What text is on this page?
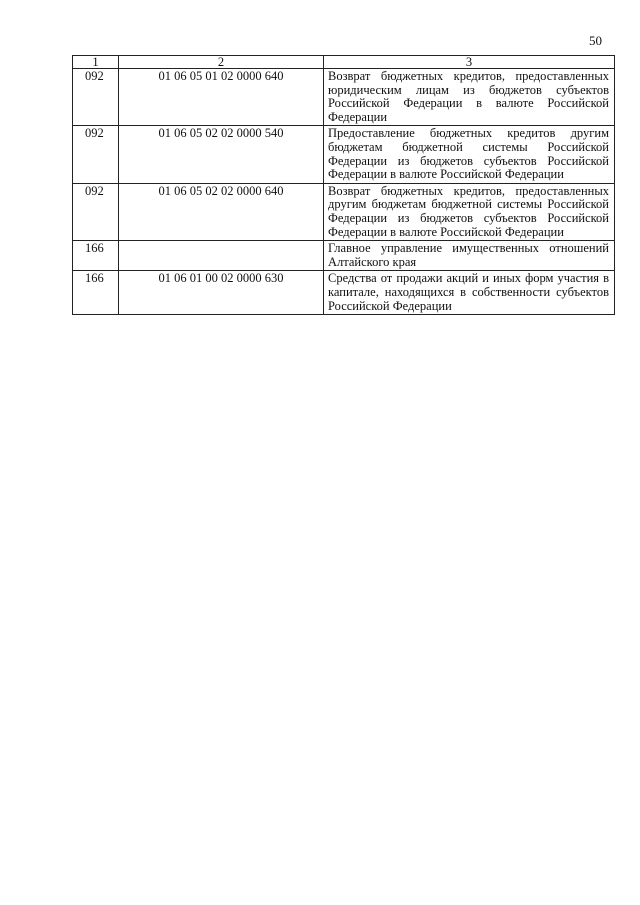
50
1	2	3
092	01 06 05 01 02 0000 640	Возврат бюджетных кредитов, предоставленных юридическим лицам из бюджетов субъектов Российской Федерации в валюте Российской Федерации
092	01 06 05 02 02 0000 540	Предоставление бюджетных кредитов другим бюджетам бюджетной системы Российской Федерации из бюджетов субъектов Российской Федерации в валюте Российской Федерации
092	01 06 05 02 02 0000 640	Возврат бюджетных кредитов, предоставленных другим бюджетам бюджетной системы Российской Федерации из бюджетов субъектов Российской Федерации в валюте Российской Федерации
166		Главное управление имущественных отношений Алтайского края
166	01 06 01 00 02 0000 630	Средства от продажи акций и иных форм участия в капитале, находящихся в собственности субъектов Российской Федерации
